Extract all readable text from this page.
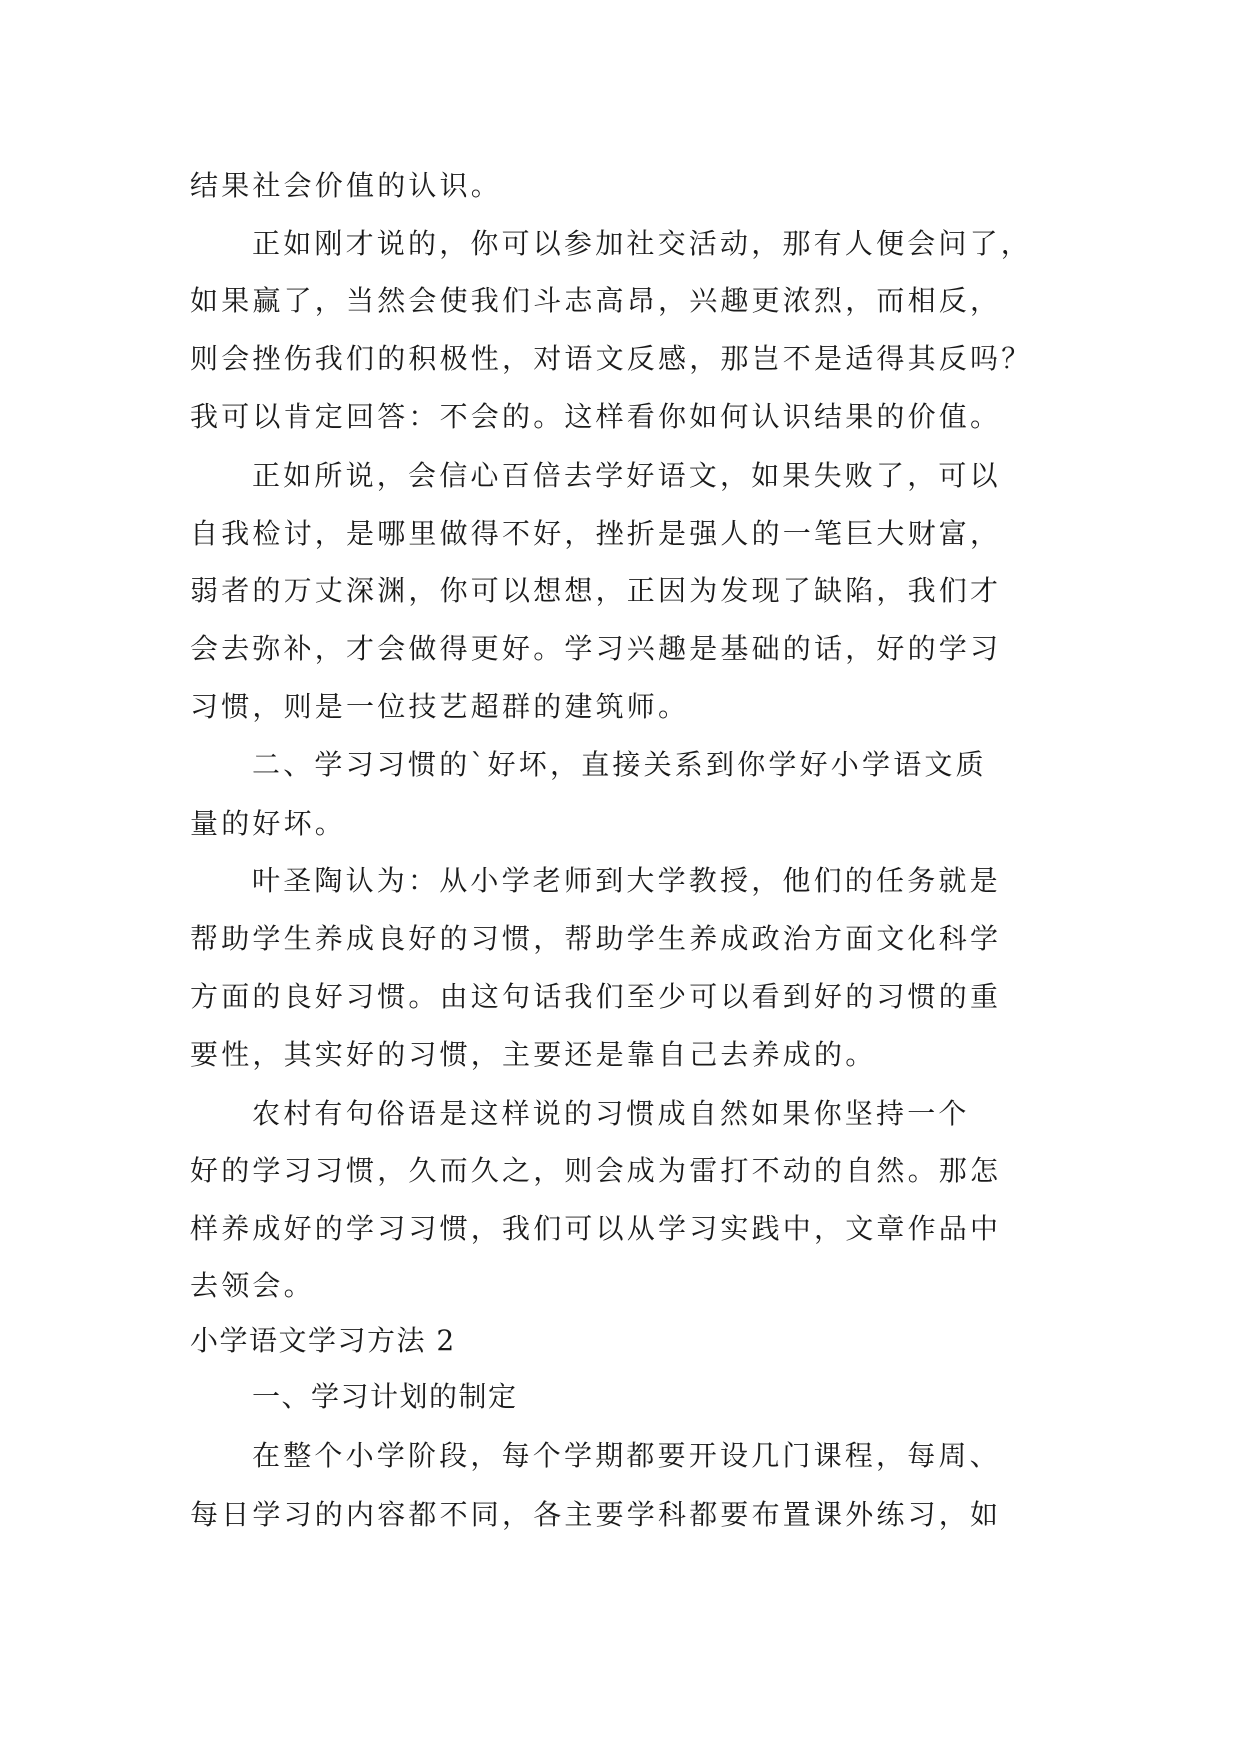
结果社会价值的认识。
正如刚才说的，你可以参加社交活动，那有人便会问了，
如果赢了，当然会使我们斗志高昂，兴趣更浓烈，而相反，
则会挫伤我们的积极性，对语文反感，那岂不是适得其反吗？
我可以肯定回答：不会的。这样看你如何认识结果的价值。
正如所说，会信心百倍去学好语文，如果失败了，可以
自我检讨，是哪里做得不好，挫折是强人的一笔巨大财富，
弱者的万丈深渊，你可以想想，正因为发现了缺陷，我们才
会去弥补，才会做得更好。学习兴趣是基础的话，好的学习
习惯，则是一位技艺超群的建筑师。
二、学习习惯的`好坏，直接关系到你学好小学语文质
量的好坏。
叶圣陶认为：从小学老师到大学教授，他们的任务就是
帮助学生养成良好的习惯，帮助学生养成政治方面文化科学
方面的良好习惯。由这句话我们至少可以看到好的习惯的重
要性，其实好的习惯，主要还是靠自己去养成的。
农村有句俗语是这样说的习惯成自然如果你坚持一个
好的学习习惯，久而久之，则会成为雷打不动的自然。那怎
样养成好的学习习惯，我们可以从学习实践中，文章作品中
去领会。
小学语文学习方法 2
一、学习计划的制定
在整个小学阶段，每个学期都要开设几门课程，每周、
每日学习的内容都不同，各主要学科都要布置课外练习，如
